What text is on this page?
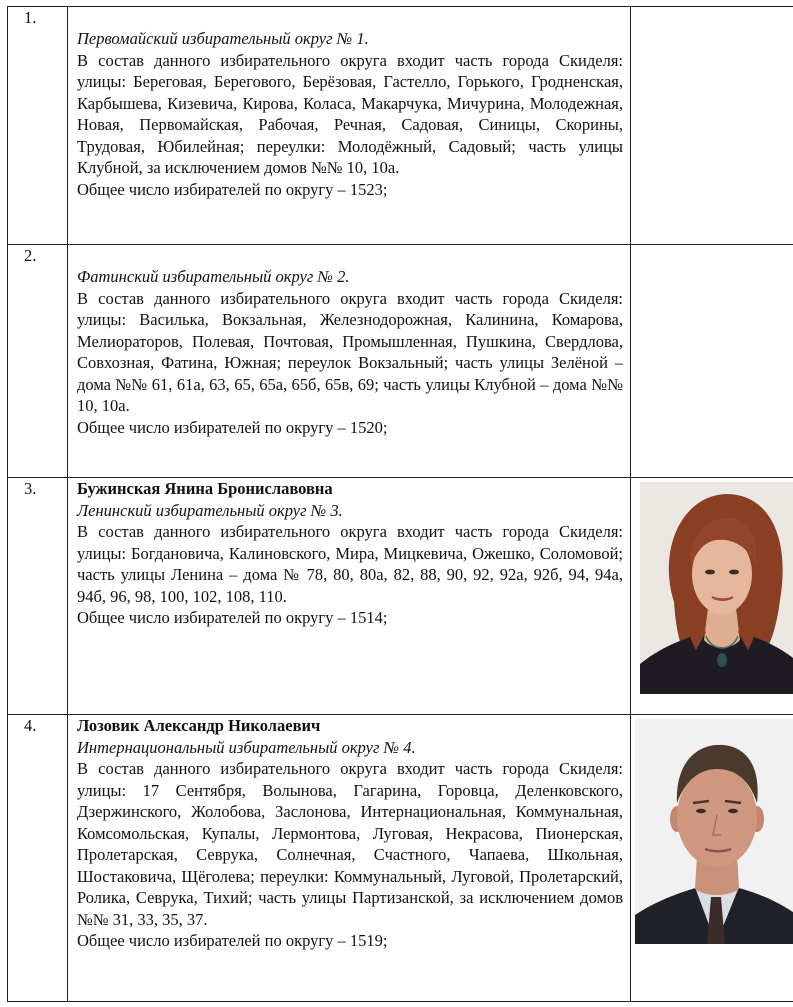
1.	Первомайский избирательный округ № 1.
В состав данного избирательного округа входит часть города Скиделя: улицы: Береговая, Берегового, Берёзовая, Гастелло, Горького, Гродненская, Карбышева, Кизевича, Кирова, Коласа, Макарчука, Мичурина, Молодежная, Новая, Первомайская, Рабочая, Речная, Садовая, Синицы, Скорины, Трудовая, Юбилейная; переулки: Молодёжный, Садовый; часть улицы Клубной, за исключением домов №№ 10, 10а.
Общее число избирателей по округу – 1523;	

2.	Фатинский избирательный округ № 2.
В состав данного избирательного округа входит часть города Скиделя: улицы: Василька, Вокзальная, Железнодорожная, Калинина, Комарова, Мелиораторов, Полевая, Почтовая, Промышленная, Пушкина, Свердлова, Совхозная, Фатина, Южная; переулок Вокзальный; часть улицы Зелёной – дома №№ 61, 61а, 63, 65, 65а, 65б, 65в, 69; часть улицы Клубной – дома №№ 10, 10а.
Общее число избирателей по округу – 1520;	

3.	Бужинская Янина Брониславовна
Ленинский избирательный округ № 3.
В состав данного избирательного округа входит часть города Скиделя: улицы: Богдановича, Калиновского, Мира, Мицкевича, Ожешко, Соломовой; часть улицы Ленина – дома № 78, 80, 80а, 82, 88, 90, 92, 92а, 92б, 94, 94а, 94б, 96, 98, 100, 102, 108, 110.
Общее число избирателей по округу – 1514;

4.	Лозовик Александр Николаевич
Интернациональный избирательный округ № 4.
В состав данного избирательного округа входит часть города Скиделя: улицы: 17 Сентября, Волынова, Гагарина, Горовца, Деленковского, Дзержинского, Жолобова, Заслонова, Интернациональная, Коммунальная, Комсомольская, Купалы, Лермонтова, Луговая, Некрасова, Пионерская, Пролетарская, Севрука, Солнечная, Счастного, Чапаева, Школьная, Шостаковича, Щёголева; переулки: Коммунальный, Луговой, Пролетарский, Ролика, Севрука, Тихий; часть улицы Партизанской, за исключением домов №№ 31, 33, 35, 37.
Общее число избирателей по округу – 1519;
